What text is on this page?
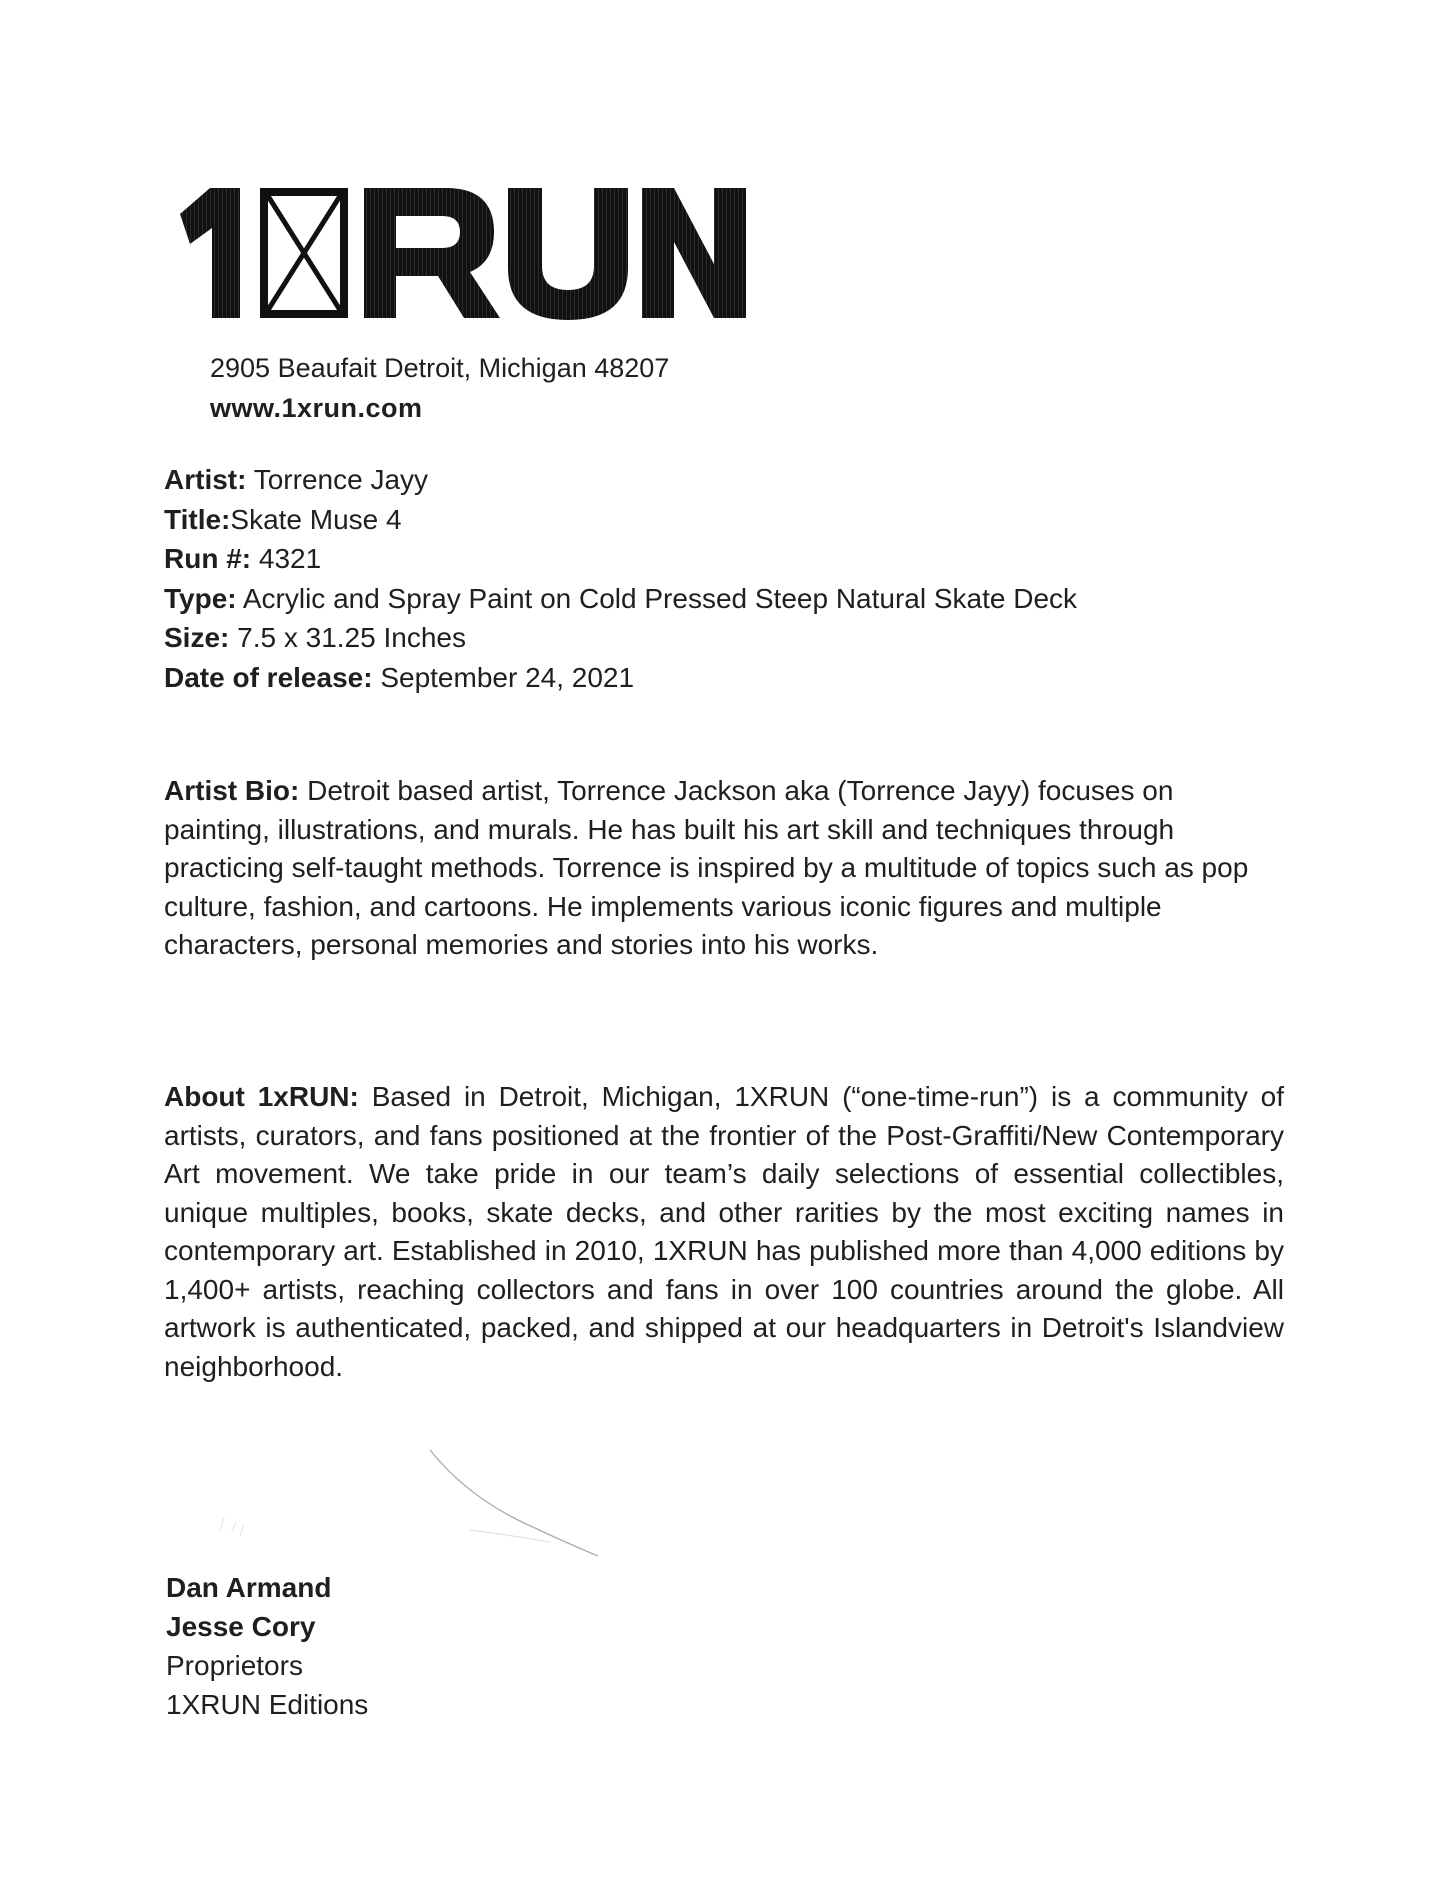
2905 Beaufait Detroit, Michigan 48207
www.1xrun.com
Artist: Torrence Jayy
Title:Skate Muse 4
Run #: 4321
Type: Acrylic and Spray Paint on Cold Pressed Steep Natural Skate Deck
Size: 7.5 x 31.25 Inches
Date of release: September 24, 2021
Artist Bio: Detroit based artist, Torrence Jackson aka (Torrence Jayy) focuses on painting, illustrations, and murals. He has built his art skill and techniques through practicing self-taught methods. Torrence is inspired by a multitude of topics such as pop culture, fashion, and cartoons. He implements various iconic figures and multiple characters, personal memories and stories into his works.
About 1xRUN: Based in Detroit, Michigan, 1XRUN (“one-time-run”) is a community of artists, curators, and fans positioned at the frontier of the Post-Graffiti/New Contemporary Art movement. We take pride in our team’s daily selections of essential collectibles, unique multiples, books, skate decks, and other rarities by the most exciting names in contemporary art. Established in 2010, 1XRUN has published more than 4,000 editions by 1,400+ artists, reaching collectors and fans in over 100 countries around the globe. All artwork is authenticated, packed, and shipped at our headquarters in Detroit's Islandview neighborhood.
Dan Armand
Jesse Cory
Proprietors
1XRUN Editions
